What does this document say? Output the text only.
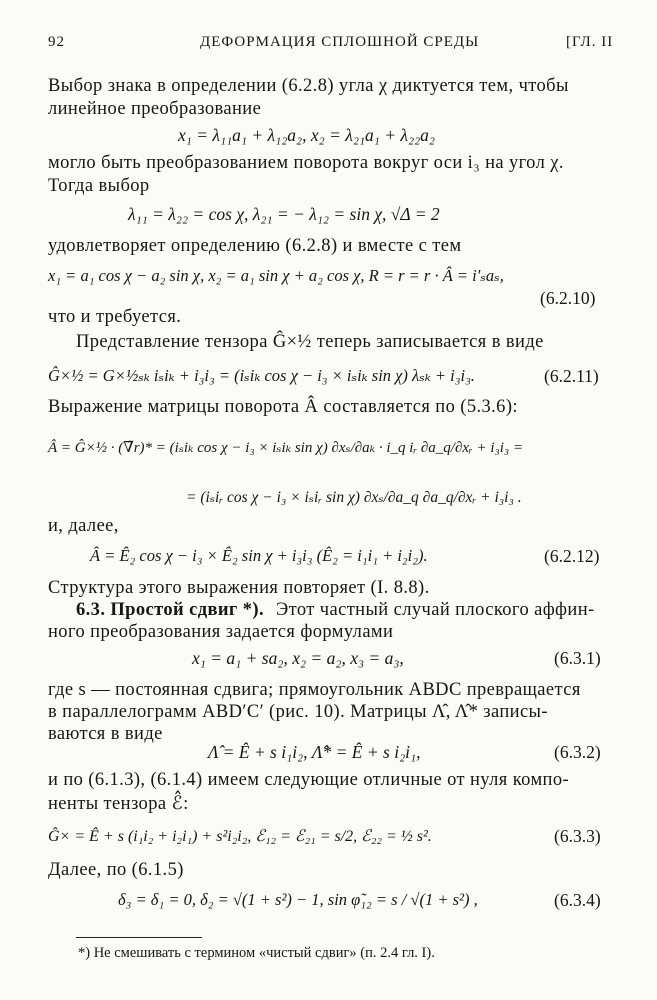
92	ДЕФОРМАЦИЯ СПЛОШНОЙ СРЕДЫ	[ГЛ. II
Выбор знака в определении (6.2.8) угла χ диктуется тем, чтобы
линейное преобразование
x₁ = λ₁₁a₁ + λ₁₂a₂, x₂ = λ₂₁a₁ + λ₂₂a₂
могло быть преобразованием поворота вокруг оси i₃ на угол χ.
Тогда выбор
λ₁₁ = λ₂₂ = cos χ, λ₂₁ = − λ₁₂ = sin χ, √Δ = 2
удовлетворяет определению (6.2.8) и вместе с тем
x₁ = a₁ cos χ − a₂ sin χ, x₂ = a₁ sin χ + a₂ cos χ, R = r = r · Â = i′ₛaₛ,
(6.2.10)
что и требуется.
Представление тензора Ĝ×½ теперь записывается в виде
Ĝ×½ = G×½ₛₖ iₛiₖ + i₃i₃ = (iₛiₖ cos χ − i₃ × iₛiₖ sin χ) λₛₖ + i₃i₃.	(6.2.11)
Выражение матрицы поворота Â составляется по (5.3.6):
Â = Ĝ×½ · (∇̃r)* = (iₛiₖ cos χ − i₃ × iₛiₖ sin χ) ∂xₛ/∂aₖ · i_q iᵣ ∂a_q/∂xᵣ + i₃i₃ =
= (iₛiᵣ cos χ − i₃ × iₛiᵣ sin χ) ∂xₛ/∂a_q ∂a_q/∂xᵣ + i₃i₃ .
и, далее,
Â = Ê₂ cos χ − i₃ × Ê₂ sin χ + i₃i₃ (Ê₂ = i₁i₁ + i₂i₂).	(6.2.12)
Структура этого выражения повторяет (I. 8.8).
6.3. Простой сдвиг *). Этот частный случай плоского аффин-
ного преобразования задается формулами
x₁ = a₁ + sa₂, x₂ = a₂, x₃ = a₃,	(6.3.1)
где s — постоянная сдвига; прямоугольник ABDC превращается
в параллелограмм ABD′C′ (рис. 10). Матрицы Λ̂, Λ̂* записы-
ваются в виде
Λ̂ = Ê + s i₁i₂, Λ̂* = Ê + s i₂i₁,	(6.3.2)
и по (6.1.3), (6.1.4) имеем следующие отличные от нуля компо-
ненты тензора ℰ̂:
Ĝ× = Ê + s (i₁i₂ + i₂i₁) + s²i₂i₂, ℰ₁₂ = ℰ₂₁ = s/2, ℰ₂₂ = ½ s².	(6.3.3)
Далее, по (6.1.5)
δ₃ = δ₁ = 0, δ₂ = √(1 + s²) − 1, sin φ̃₁₂ = s / √(1 + s²) ,	(6.3.4)
*) Не смешивать с термином «чистый сдвиг» (п. 2.4 гл. I).
